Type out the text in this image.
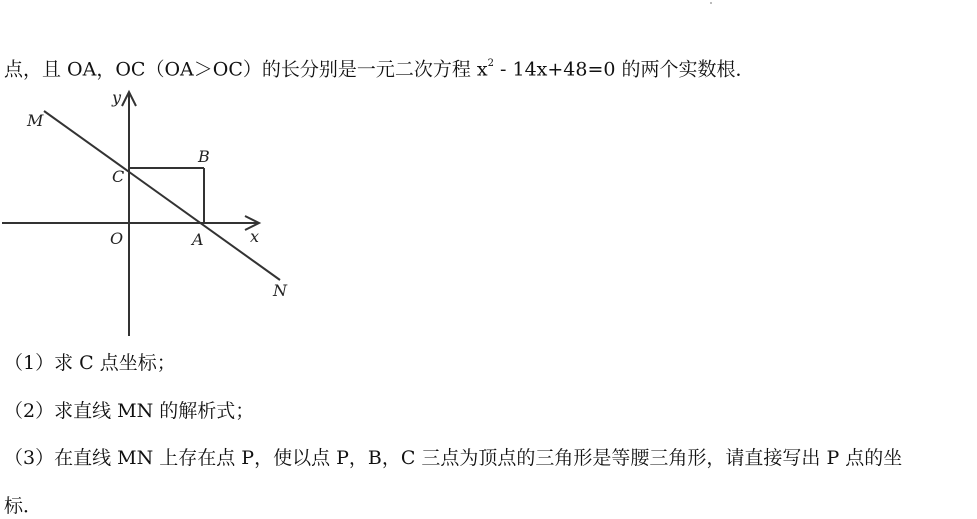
点，且 OA，OC（OA＞OC）的长分别是一元二次方程 $x^2 - 14x+48=0$ 的两个实数根．
y
M
B
C
O	A	x
N
（1）求 C 点坐标；
（2）求直线 MN 的解析式；
（3）在直线 MN 上存在点 P，使以点 P，B，C 三点为顶点的三角形是等腰三角形，请直接写出 P 点的坐
标．
